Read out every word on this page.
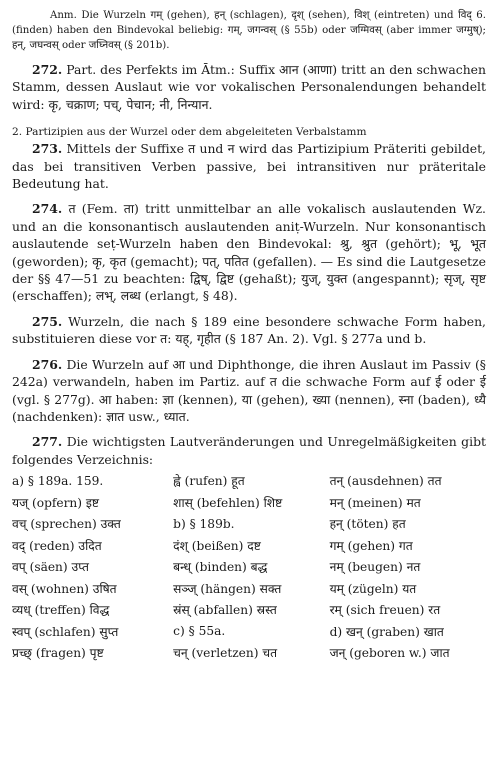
Anm. Die Wurzeln गम् (gehen), हन् (schlagen), दृश् (sehen), विश् (eintreten) und विद् 6. (finden) haben den Bindevokal beliebig: गम्, जगन्वस् (§ 55b) oder जग्मिवस् (aber immer जग्मुष्); हन्, जघन्वस् oder जघ्निवस् (§ 201b).
272. Part. des Perfekts im Ātm.: Suffix आन (आणा) tritt an den schwachen Stamm, dessen Auslaut wie vor vokalischen Personalendungen behandelt wird: कृ, चक्राण; पच्, पेचान; नी, निन्यान.
2. Partizipien aus der Wurzel oder dem abgeleiteten Verbalstamm
273. Mittels der Suffixe त und न wird das Partizipium Präteriti gebildet, das bei transitiven Verben passive, bei intransitiven nur präteritale Bedeutung hat.
274. त (Fem. ता) tritt unmittelbar an alle vokalisch auslautenden Wz. und an die konsonantisch auslautenden aniṭ-Wurzeln. Nur konsonantisch auslautende seṭ-Wurzeln haben den Bindevokal: श्रु, श्रुत (gehört); भू, भूत (geworden); कृ, कृत (gemacht); पत्, पतित (gefallen). — Es sind die Lautgesetze der §§ 47—51 zu beachten: द्विष्, द्विष्ट (gehaßt); युज्, युक्त (angespannt); सृज्, सृष्ट (erschaffen); लभ्, लब्ध (erlangt, § 48).
275. Wurzeln, die nach § 189 eine besondere schwache Form haben, substituieren diese vor त: यह्, गृहीत (§ 187 An. 2). Vgl. § 277a und b.
276. Die Wurzeln auf आ und Diphthonge, die ihren Auslaut im Passiv (§ 242a) verwandeln, haben im Partiz. auf त die schwache Form auf ई oder ई (vgl. § 277g). आ haben: ज्ञा (kennen), या (gehen), ख्या (nennen), स्ना (baden), ध्यै (nachdenken): ज्ञात usw., ध्यात.
277. Die wichtigsten Lautveränderungen und Unregelmäßigkeiten gibt folgendes Verzeichnis:
a) § 189a. 159.	ह्वे (rufen) हूत	तन् (ausdehnen) तत
यज् (opfern) इष्ट	शास् (befehlen) शिष्ट	मन् (meinen) मत
वच् (sprechen) उक्त	b) § 189b.	हन् (töten) हत
वद् (reden) उदित	दंश् (beißen) दष्ट	गम् (gehen) गत
वप् (säen) उप्त	बन्ध् (binden) बद्ध	नम् (beugen) नत
वस् (wohnen) उषित	सञ्ज् (hängen) सक्त	यम् (zügeln) यत
व्यध् (treffen) विद्ध	स्रंस् (abfallen) स्रस्त	रम् (sich freuen) रत
स्वप् (schlafen) सुप्त	c) § 55a.	d) खन् (graben) खात
प्रच्छ् (fragen) पृष्ट	चन् (verletzen) चत	जन् (geboren w.) जात
